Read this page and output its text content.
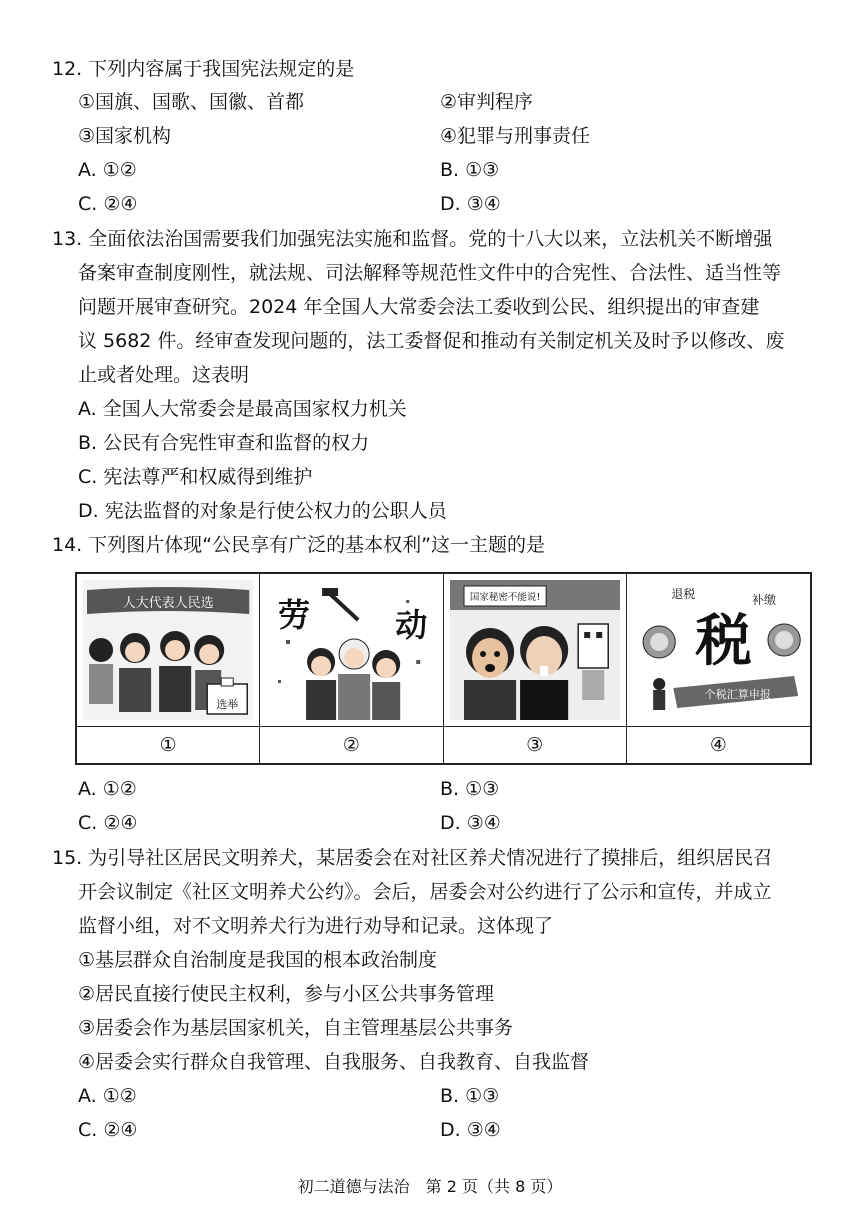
12. 下列内容属于我国宪法规定的是
①国旗、国歌、国徽、首都	②审判程序
③国家机构	④犯罪与刑事责任
A. ①②	B. ①③
C. ②④	D. ③④
13. 全面依法治国需要我们加强宪法实施和监督。党的十八大以来，立法机关不断增强
备案审查制度刚性，就法规、司法解释等规范性文件中的合宪性、合法性、适当性等
问题开展审查研究。2024 年全国人大常委会法工委收到公民、组织提出的审查建
议 5682 件。经审查发现问题的，法工委督促和推动有关制定机关及时予以修改、废
止或者处理。这表明
A. 全国人大常委会是最高国家权力机关
B. 公民有合宪性审查和监督的权力
C. 宪法尊严和权威得到维护
D. 宪法监督的对象是行使公权力的公职人员
14. 下列图片体现“公民享有广泛的基本权利”这一主题的是
人大代表人民选
选举
劳	动
国家秘密不能说!	退税	补缴
税
个税汇算申报
①	②	③	④
A. ①②	B. ①③
C. ②④	D. ③④
15. 为引导社区居民文明养犬，某居委会在对社区养犬情况进行了摸排后，组织居民召
开会议制定《社区文明养犬公约》。会后，居委会对公约进行了公示和宣传，并成立
监督小组，对不文明养犬行为进行劝导和记录。这体现了
①基层群众自治制度是我国的根本政治制度
②居民直接行使民主权利，参与小区公共事务管理
③居委会作为基层国家机关，自主管理基层公共事务
④居委会实行群众自我管理、自我服务、自我教育、自我监督
A. ①②	B. ①③
C. ②④	D. ③④
初二道德与法治　第 2 页（共 8 页）
